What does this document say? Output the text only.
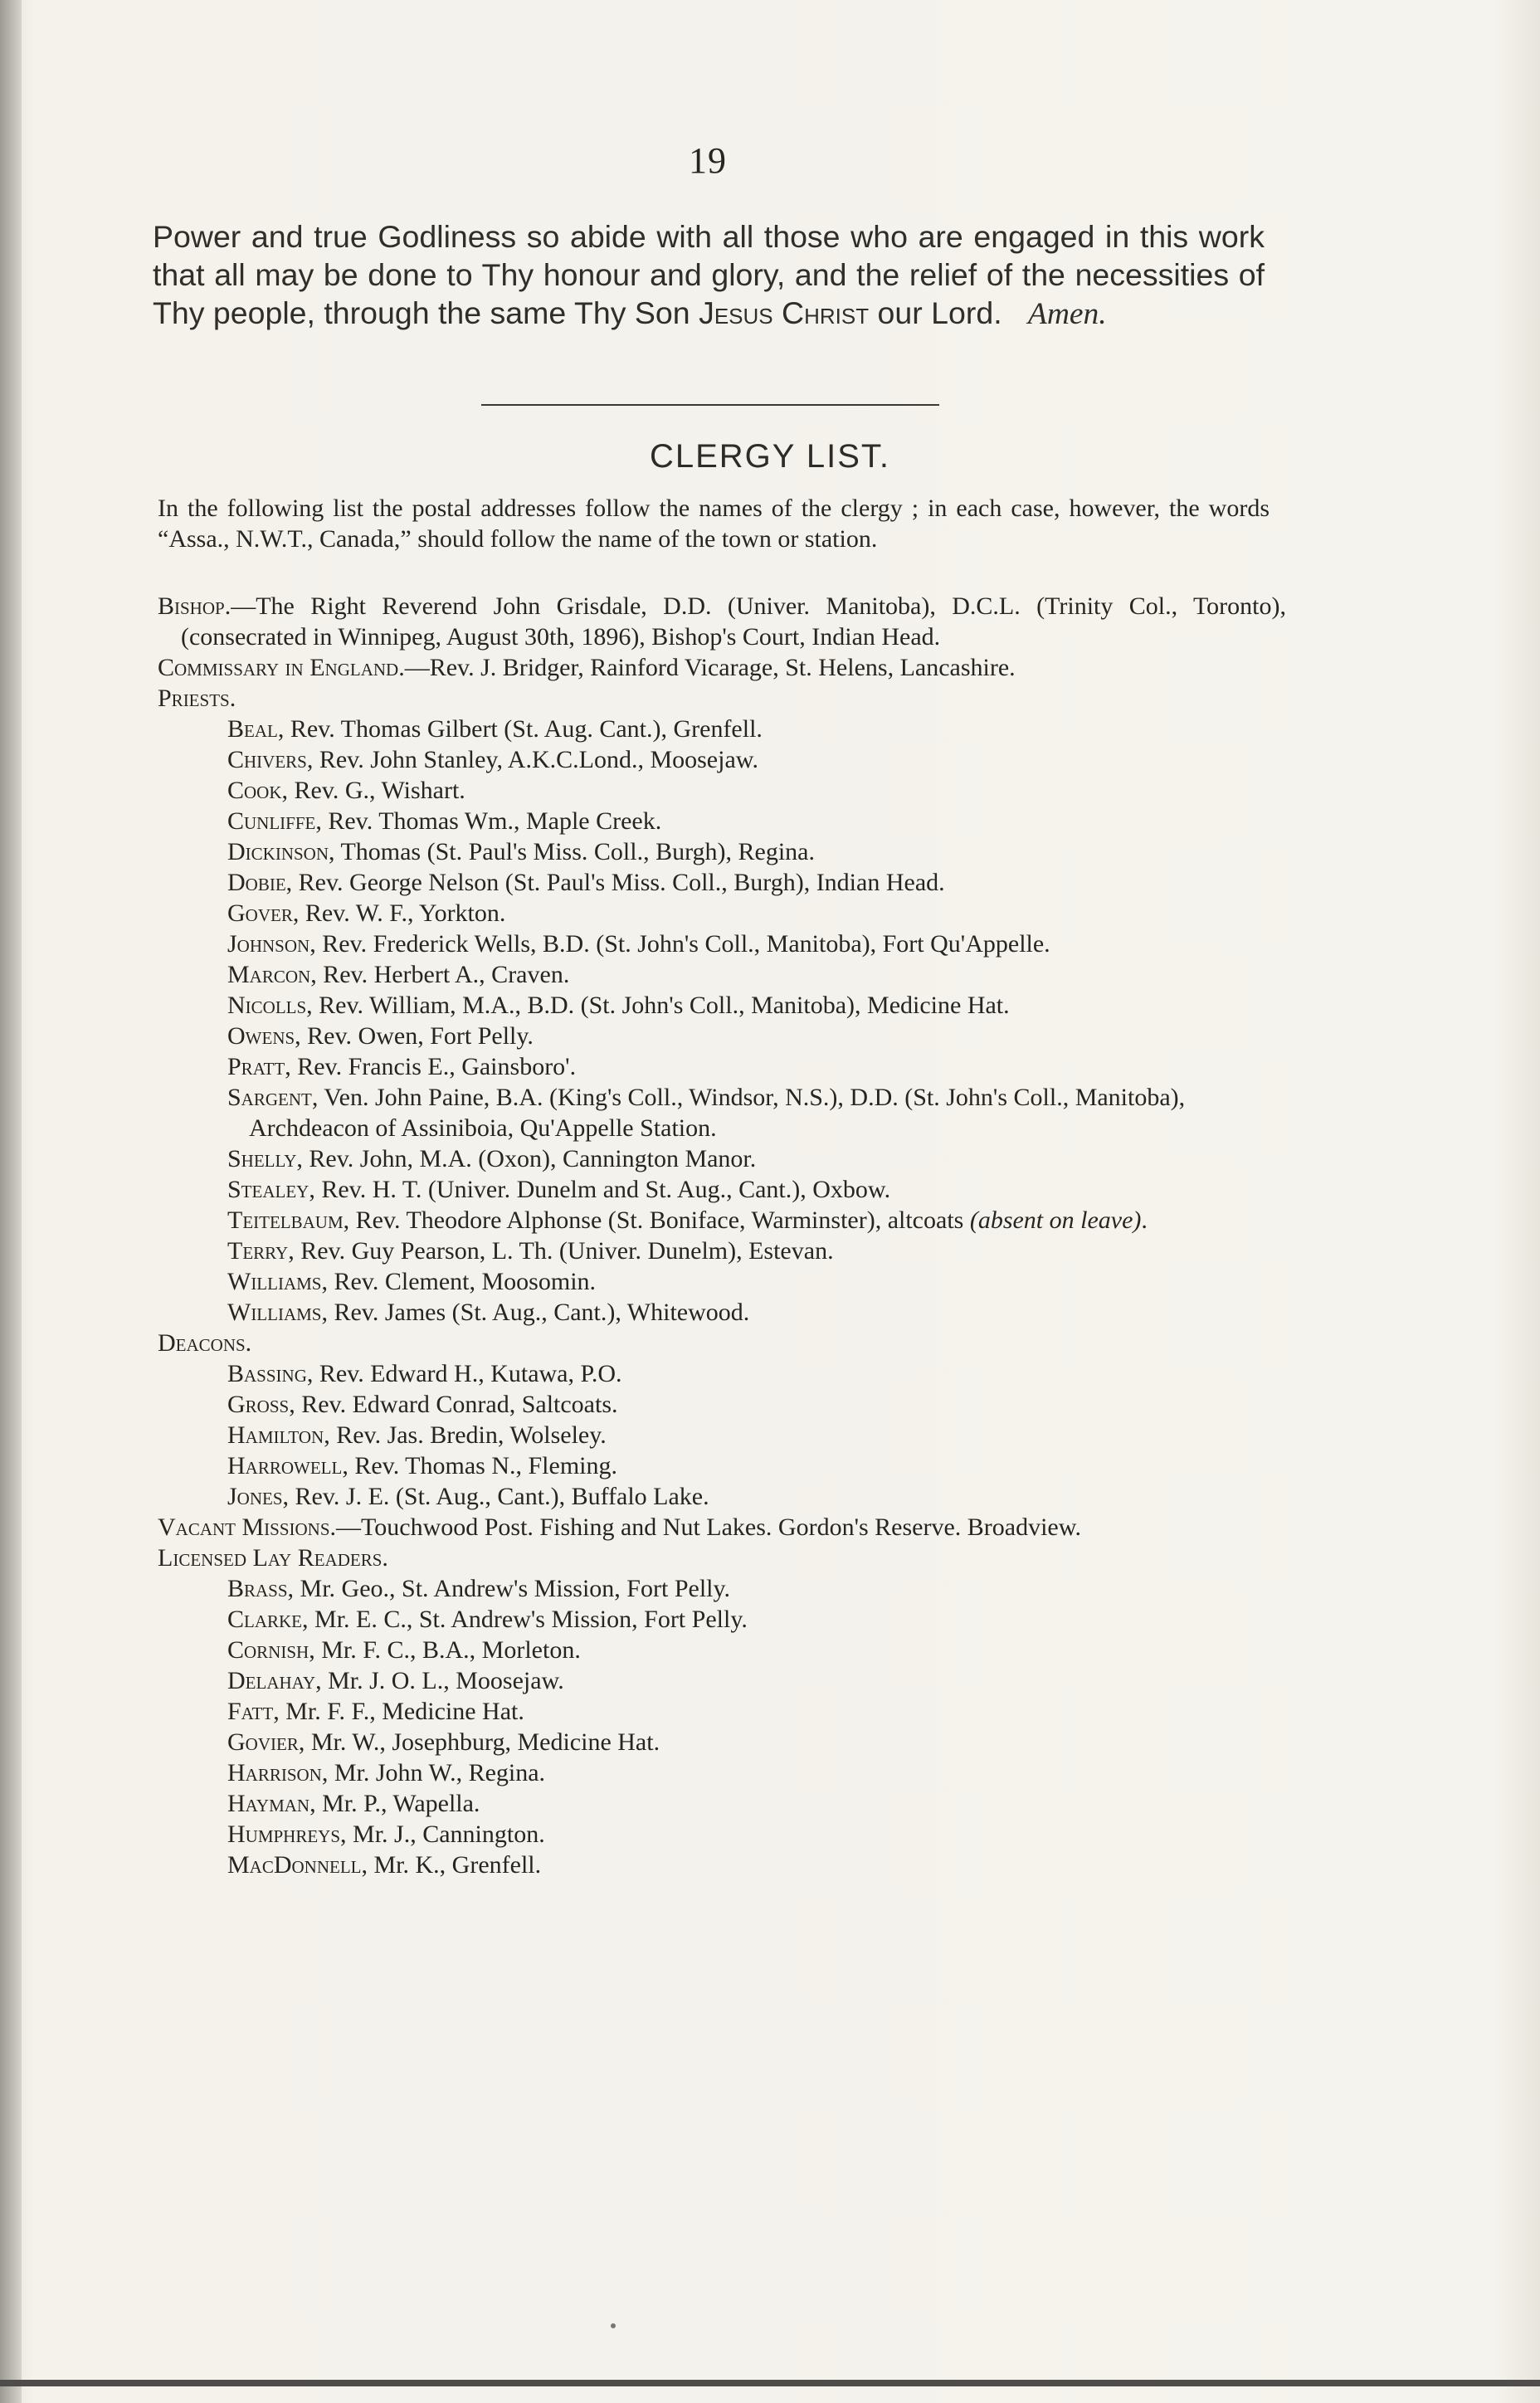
19

Power and true Godliness so abide with all those who are engaged in this work that all may be done to Thy honour and glory, and the relief of the necessities of Thy people, through the same Thy Son Jesus Christ our Lord. Amen.

CLERGY LIST.
In the following list the postal addresses follow the names of the clergy ; in each case, however, the words “Assa., N.W.T., Canada,” should follow the name of the town or station.

Bishop.—The Right Reverend John Grisdale, D.D. (Univer. Manitoba), D.C.L. (Trinity Col., Toronto), (consecrated in Winnipeg, August 30th, 1896), Bishop's Court, Indian Head.

Commissary in England.—Rev. J. Bridger, Rainford Vicarage, St. Helens, Lancashire.

Priests.

Beal, Rev. Thomas Gilbert (St. Aug. Cant.), Grenfell.

Chivers, Rev. John Stanley, A.K.C.Lond., Moosejaw.

Cook, Rev. G., Wishart.

Cunliffe, Rev. Thomas Wm., Maple Creek.

Dickinson, Thomas (St. Paul's Miss. Coll., Burgh), Regina.

Dobie, Rev. George Nelson (St. Paul's Miss. Coll., Burgh), Indian Head.

Gover, Rev. W. F., Yorkton.

Johnson, Rev. Frederick Wells, B.D. (St. John's Coll., Manitoba), Fort Qu'Appelle.

Marcon, Rev. Herbert A., Craven.

Nicolls, Rev. William, M.A., B.D. (St. John's Coll., Manitoba), Medicine Hat.

Owens, Rev. Owen, Fort Pelly.

Pratt, Rev. Francis E., Gainsboro'.

Sargent, Ven. John Paine, B.A. (King's Coll., Windsor, N.S.), D.D. (St. John's Coll., Manitoba), Archdeacon of Assiniboia, Qu'Appelle Station.

Shelly, Rev. John, M.A. (Oxon), Cannington Manor.

Stealey, Rev. H. T. (Univer. Dunelm and St. Aug., Cant.), Oxbow.

Teitelbaum, Rev. Theodore Alphonse (St. Boniface, Warminster), altcoats (absent on leave).

Terry, Rev. Guy Pearson, L. Th. (Univer. Dunelm), Estevan.

Williams, Rev. Clement, Moosomin.

Williams, Rev. James (St. Aug., Cant.), Whitewood.

Deacons.

Bassing, Rev. Edward H., Kutawa, P.O.

Gross, Rev. Edward Conrad, Saltcoats.

Hamilton, Rev. Jas. Bredin, Wolseley.

Harrowell, Rev. Thomas N., Fleming.

Jones, Rev. J. E. (St. Aug., Cant.), Buffalo Lake.

Vacant Missions.—Touchwood Post. Fishing and Nut Lakes. Gordon's Reserve. Broadview.

Licensed Lay Readers.

Brass, Mr. Geo., St. Andrew's Mission, Fort Pelly.

Clarke, Mr. E. C., St. Andrew's Mission, Fort Pelly.

Cornish, Mr. F. C., B.A., Morleton.

Delahay, Mr. J. O. L., Moosejaw.

Fatt, Mr. F. F., Medicine Hat.

Govier, Mr. W., Josephburg, Medicine Hat.

Harrison, Mr. John W., Regina.

Hayman, Mr. P., Wapella.

Humphreys, Mr. J., Cannington.

MacDonnell, Mr. K., Grenfell.
